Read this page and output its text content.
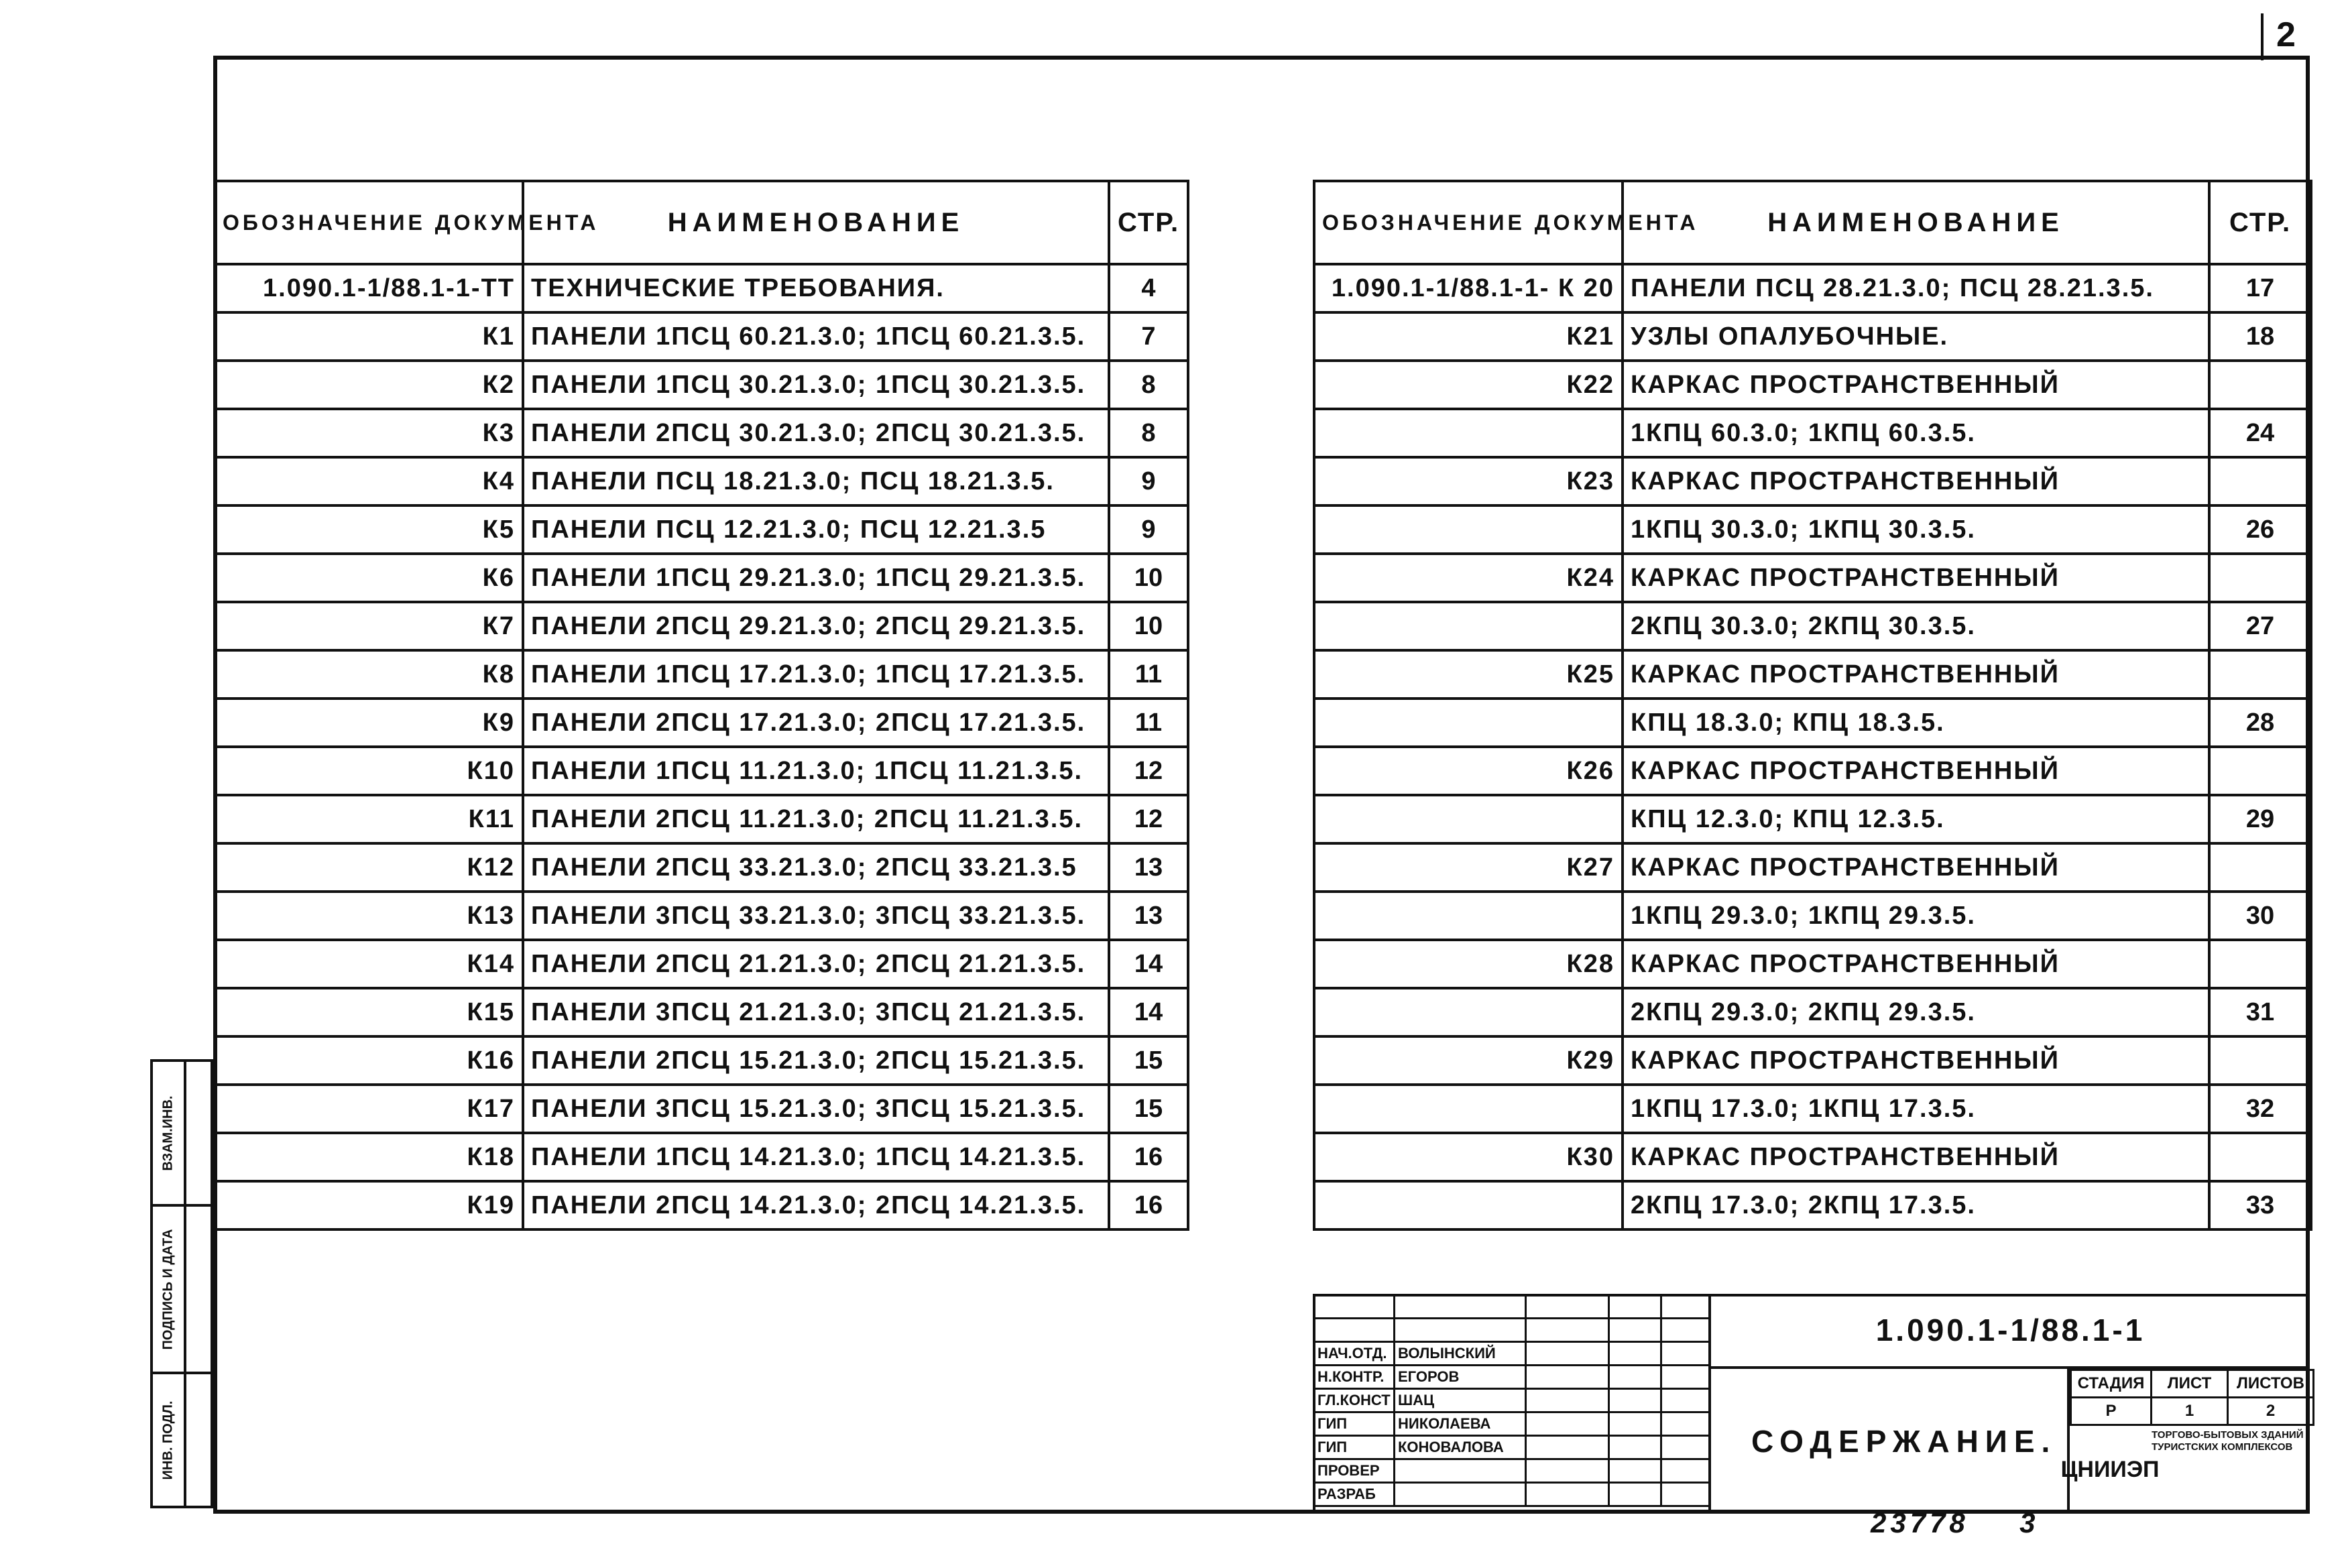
2
ОБОЗНАЧЕНИЕ ДОКУМЕНТА	НАИМЕНОВАНИЕ	СТР.
1.090.1-1/88.1-1-ТТ	ТЕХНИЧЕСКИЕ ТРЕБОВАНИЯ.	4
К1	ПАНЕЛИ 1ПСЦ 60.21.3.0; 1ПСЦ 60.21.3.5.	7
К2	ПАНЕЛИ 1ПСЦ 30.21.3.0; 1ПСЦ 30.21.3.5.	8
К3	ПАНЕЛИ 2ПСЦ 30.21.3.0; 2ПСЦ 30.21.3.5.	8
К4	ПАНЕЛИ ПСЦ 18.21.3.0; ПСЦ 18.21.3.5.	9
К5	ПАНЕЛИ ПСЦ 12.21.3.0; ПСЦ 12.21.3.5	9
К6	ПАНЕЛИ 1ПСЦ 29.21.3.0; 1ПСЦ 29.21.3.5.	10
К7	ПАНЕЛИ 2ПСЦ 29.21.3.0; 2ПСЦ 29.21.3.5.	10
К8	ПАНЕЛИ 1ПСЦ 17.21.3.0; 1ПСЦ 17.21.3.5.	11
К9	ПАНЕЛИ 2ПСЦ 17.21.3.0; 2ПСЦ 17.21.3.5.	11
К10	ПАНЕЛИ 1ПСЦ 11.21.3.0; 1ПСЦ 11.21.3.5.	12
К11	ПАНЕЛИ 2ПСЦ 11.21.3.0; 2ПСЦ 11.21.3.5.	12
К12	ПАНЕЛИ 2ПСЦ 33.21.3.0; 2ПСЦ 33.21.3.5	13
К13	ПАНЕЛИ 3ПСЦ 33.21.3.0; 3ПСЦ 33.21.3.5.	13
К14	ПАНЕЛИ 2ПСЦ 21.21.3.0; 2ПСЦ 21.21.3.5.	14
К15	ПАНЕЛИ 3ПСЦ 21.21.3.0; 3ПСЦ 21.21.3.5.	14
К16	ПАНЕЛИ 2ПСЦ 15.21.3.0; 2ПСЦ 15.21.3.5.	15
К17	ПАНЕЛИ 3ПСЦ 15.21.3.0; 3ПСЦ 15.21.3.5.	15
К18	ПАНЕЛИ 1ПСЦ 14.21.3.0; 1ПСЦ 14.21.3.5.	16
К19	ПАНЕЛИ 2ПСЦ 14.21.3.0; 2ПСЦ 14.21.3.5.	16
ОБОЗНАЧЕНИЕ ДОКУМЕНТА	НАИМЕНОВАНИЕ	СТР.
1.090.1-1/88.1-1- К 20	ПАНЕЛИ ПСЦ 28.21.3.0; ПСЦ 28.21.3.5.	17
К21	УЗЛЫ ОПАЛУБОЧНЫЕ.	18
К22	КАРКАС ПРОСТРАНСТВЕННЫЙ	
	1КПЦ 60.3.0; 1КПЦ 60.3.5.	24
К23	КАРКАС ПРОСТРАНСТВЕННЫЙ	
	1КПЦ 30.3.0; 1КПЦ 30.3.5.	26
К24	КАРКАС ПРОСТРАНСТВЕННЫЙ	
	2КПЦ 30.3.0; 2КПЦ 30.3.5.	27
К25	КАРКАС ПРОСТРАНСТВЕННЫЙ	
	КПЦ 18.3.0; КПЦ 18.3.5.	28
К26	КАРКАС ПРОСТРАНСТВЕННЫЙ	
	КПЦ 12.3.0; КПЦ 12.3.5.	29
К27	КАРКАС ПРОСТРАНСТВЕННЫЙ	
	1КПЦ 29.3.0; 1КПЦ 29.3.5.	30
К28	КАРКАС ПРОСТРАНСТВЕННЫЙ	
	2КПЦ 29.3.0; 2КПЦ 29.3.5.	31
К29	КАРКАС ПРОСТРАНСТВЕННЫЙ	
	1КПЦ 17.3.0; 1КПЦ 17.3.5.	32
К30	КАРКАС ПРОСТРАНСТВЕННЫЙ	
	2КПЦ 17.3.0; 2КПЦ 17.3.5.	33
ВЗАМ.ИНВ.
ПОДПИСЬ И ДАТА
ИНВ. ПОДЛ.

НАЧ.ОТД.	ВОЛЫНСКИЙ			
Н.КОНТР.	ЕГОРОВ			
ГЛ.КОНСТ	ШАЦ			
ГИП	НИКОЛАЕВА			
ГИП	КОНОВАЛОВА			
ПРОВЕР				
РАЗРАБ				
1.090.1-1/88.1-1
СОДЕРЖАНИЕ.
СТАДИЯ	ЛИСТ	ЛИСТОВ
Р	1	2
ЦНИИЭП
ТОРГОВО-БЫТОВЫХ ЗДАНИЙ ТУРИСТСКИХ КОМПЛЕКСОВ
23778 3
